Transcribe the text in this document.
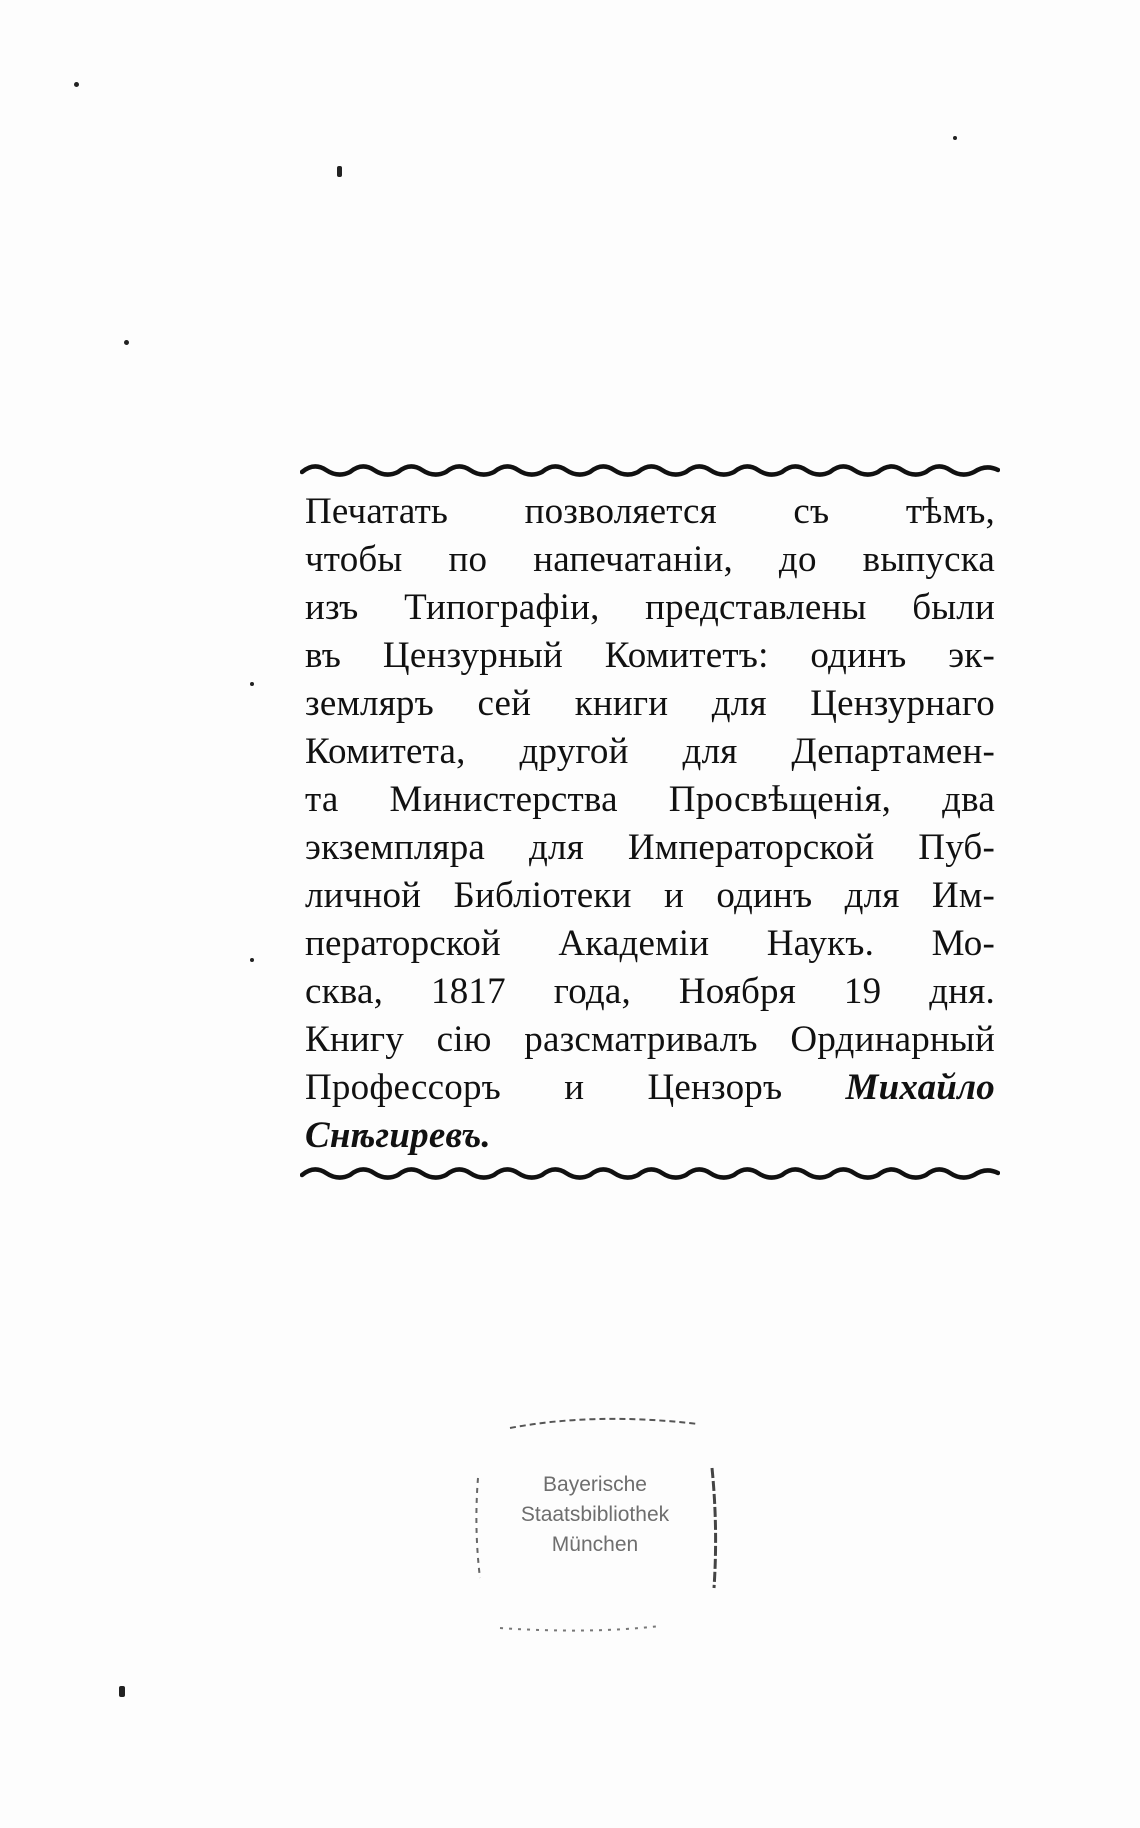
Печатать позволяется съ тѣмъ,
чтобы по напечатаніи, до выпуска
изъ Типографіи, представлены были
въ Цензурный Комитетъ: одинъ эк-
земляръ сей книги для Цензурнаго
Комитета, другой для Департамен-
та Министерства Просвѣщенія, два
экземпляра для Императорской Пуб-
личной Библіотеки и одинъ для Им-
ператорской Академіи Наукъ. Мо-
сква, 1817 года, Ноября 19 дня.
Книгу сію разсматривалъ Ординарный
Профессоръ и Цензоръ Михайло
Снѣгиревъ.
Bayerische
Staatsbibliothek
München
